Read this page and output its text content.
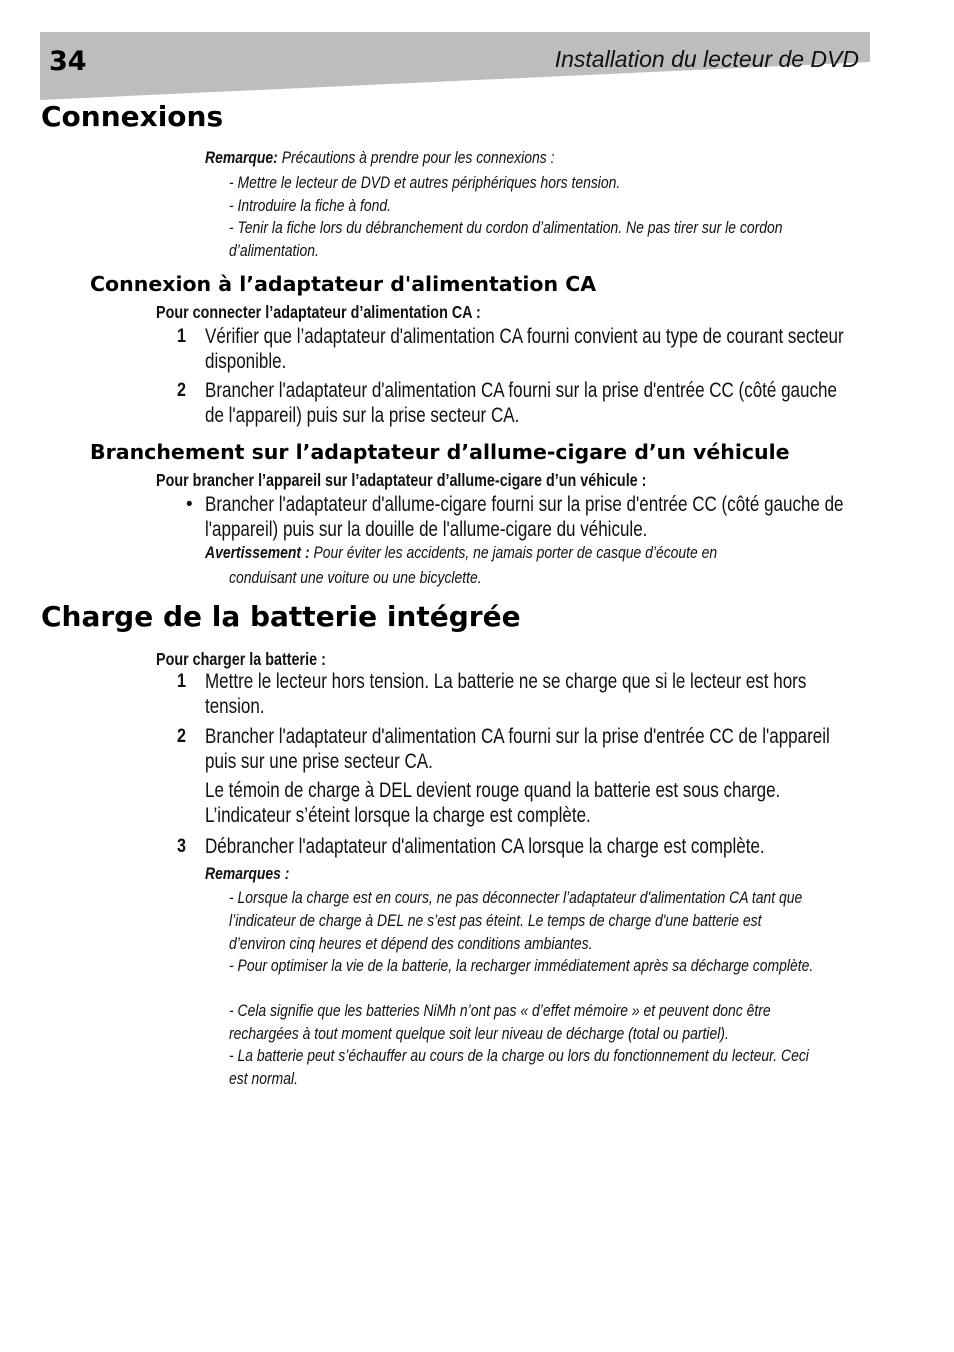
34	Installation du lecteur de DVD
Connexions
Remarque: Précautions à prendre pour les connexions :
- Mettre le lecteur de DVD et autres périphériques hors tension.
- Introduire la fiche à fond.
- Tenir la fiche lors du débranchement du cordon d’alimentation. Ne pas tirer sur le cordon d’alimentation.
Connexion à l’adaptateur d'alimentation CA
Pour connecter l’adaptateur d’alimentation CA :
1 Vérifier que l’adaptateur d'alimentation CA fourni convient au type de courant secteur disponible.
2 Brancher l'adaptateur d'alimentation CA fourni sur la prise d'entrée CC (côté gauche de l'appareil) puis sur la prise secteur CA.
Branchement sur l’adaptateur d’allume-cigare d’un véhicule
Pour brancher l’appareil sur l’adaptateur d’allume-cigare d’un véhicule :
• Brancher l'adaptateur d'allume-cigare fourni sur la prise d'entrée CC (côté gauche de l'appareil) puis sur la douille de l'allume-cigare du véhicule.
Avertissement : Pour éviter les accidents, ne jamais porter de casque d’écoute en
conduisant une voiture ou une bicyclette.
Charge de la batterie intégrée
Pour charger la batterie :
1 Mettre le lecteur hors tension. La batterie ne se charge que si le lecteur est hors tension.
2 Brancher l'adaptateur d'alimentation CA fourni sur la prise d'entrée CC de l'appareil puis sur une prise secteur CA.
Le témoin de charge à DEL devient rouge quand la batterie est sous charge. L’indicateur s’éteint lorsque la charge est complète.
3 Débrancher l'adaptateur d'alimentation CA lorsque la charge est complète.
Remarques :
- Lorsque la charge est en cours, ne pas déconnecter l’adaptateur d'alimentation CA tant que l’indicateur de charge à DEL ne s’est pas éteint. Le temps de charge d'une batterie est d’environ cinq heures et dépend des conditions ambiantes.
- Pour optimiser la vie de la batterie, la recharger immédiatement après sa décharge complète.
- Cela signifie que les batteries NiMh n’ont pas « d’effet mémoire » et peuvent donc être rechargées à tout moment quelque soit leur niveau de décharge (total ou partiel).
- La batterie peut s’échauffer au cours de la charge ou lors du fonctionnement du lecteur. Ceci est normal.
